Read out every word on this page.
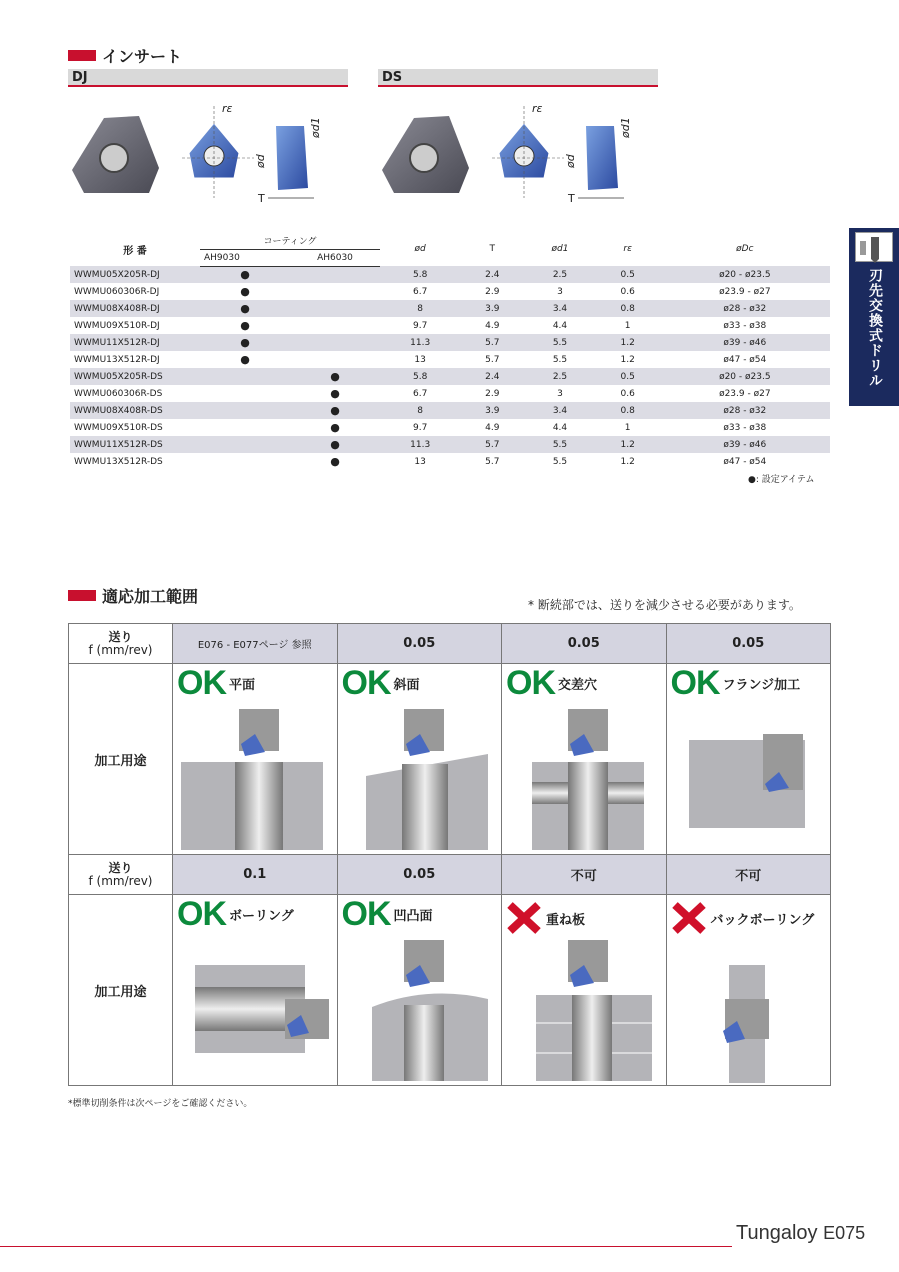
インサート
DJ	DS
rε
T
ød
ød1
rε
T
ød
ød1
形 番	コーティング		ød	T	ød1	rε	øDc
	AH9030	AH6030					
WWMU05X205R-DJ	●		5.8	2.4	2.5	0.5	ø20 - ø23.5
WWMU060306R-DJ	●		6.7	2.9	3	0.6	ø23.9 - ø27
WWMU08X408R-DJ	●		8	3.9	3.4	0.8	ø28 - ø32
WWMU09X510R-DJ	●		9.7	4.9	4.4	1	ø33 - ø38
WWMU11X512R-DJ	●		11.3	5.7	5.5	1.2	ø39 - ø46
WWMU13X512R-DJ	●		13	5.7	5.5	1.2	ø47 - ø54
WWMU05X205R-DS		●	5.8	2.4	2.5	0.5	ø20 - ø23.5
WWMU060306R-DS		●	6.7	2.9	3	0.6	ø23.9 - ø27
WWMU08X408R-DS		●	8	3.9	3.4	0.8	ø28 - ø32
WWMU09X510R-DS		●	9.7	4.9	4.4	1	ø33 - ø38
WWMU11X512R-DS		●	11.3	5.7	5.5	1.2	ø39 - ø46
WWMU13X512R-DS		●	13	5.7	5.5	1.2	ø47 - ø54
●: 設定アイテム
刃先交換式ドリル
適応加工範囲	* 断続部では、送りを減少させる必要があります。
送り
f (mm/rev)	E076 - E077ページ 参照	0.05	0.05	0.05
加工用途	OK 平面	OK 斜面	OK 交差穴	OK フランジ加工

送り
f (mm/rev)	0.1	0.05	不可	不可
加工用途	OK ボーリング	OK 凹凸面	重ね板	バックボーリング
*標準切削条件は次ページをご確認ください。
Tungaloy E075
